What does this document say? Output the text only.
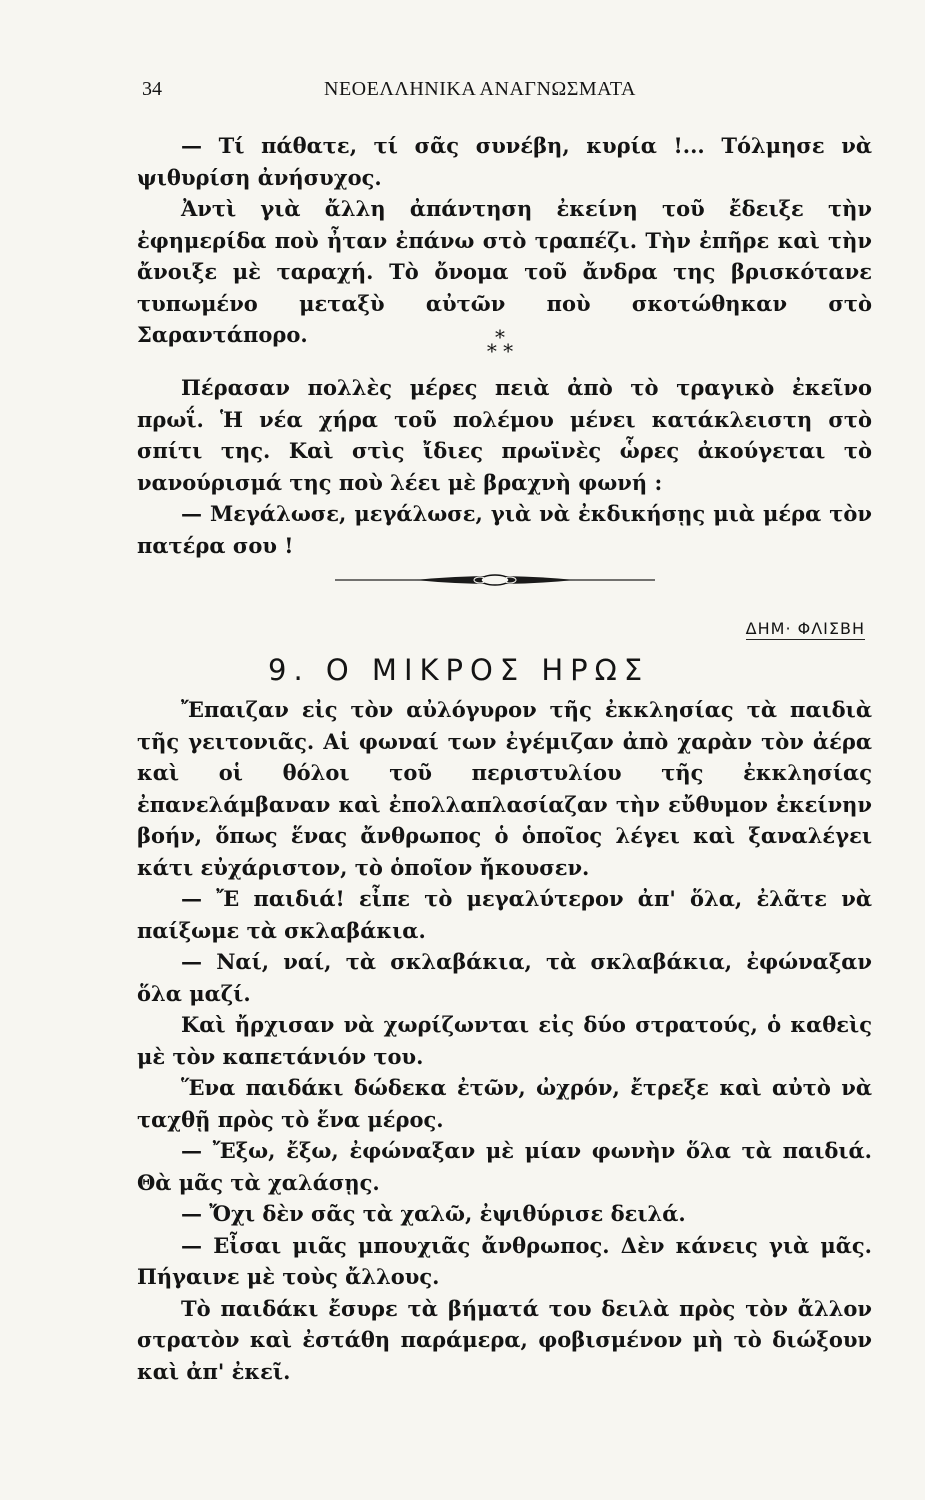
34	ΝΕΟΕΛΛΗΝΙΚΑ ΑΝΑΓΝΩΣΜΑΤΑ

— Τί πάθατε, τί σᾶς συνέβη, κυρία !... Τόλμησε νὰ ψιθυρίση ἀνήσυχος.

Ἀντὶ γιὰ ἄλλη ἀπάντηση ἐκείνη τοῦ ἔδειξε τὴν ἐφημερίδα ποὺ ἦταν ἐπάνω στὸ τραπέζι. Τὴν ἐπῆρε καὶ τὴν ἄνοιξε μὲ ταραχή. Τὸ ὄνομα τοῦ ἄνδρα της βρισκότανε τυπωμένο μεταξὺ αὐτῶν ποὺ σκοτώθηκαν στὸ Σαραντάπορο.	*
* *

Πέρασαν πολλὲς μέρες πειὰ ἀπὸ τὸ τραγικὸ ἐκεῖνο πρωΐ. Ἡ νέα χήρα τοῦ πολέμου μένει κατάκλειστη στὸ σπίτι της. Καὶ στὶς ἴδιες πρωϊνὲς ὧρες ἀκούγεται τὸ νανούρισμά της ποὺ λέει μὲ βραχνὴ φωνή :

— Μεγάλωσε, μεγάλωσε, γιὰ νὰ ἐκδικήσῃς μιὰ μέρα τὸν πατέρα σου !

ΔΗΜ· ΦΛΙΣΒΗ
9. Ο ΜΙΚΡΟΣ ΗΡΩΣ

Ἔπαιζαν εἰς τὸν αὐλόγυρον τῆς ἐκκλησίας τὰ παιδιὰ τῆς γειτονιᾶς. Αἱ φωναί των ἐγέμιζαν ἀπὸ χαρὰν τὸν ἀέρα καὶ οἱ θόλοι τοῦ περιστυλίου τῆς ἐκκλησίας ἐπανελάμβαναν καὶ ἐπολλαπλασίαζαν τὴν εὔθυμον ἐκείνην βοήν, ὅπως ἕνας ἄνθρωπος ὁ ὁποῖος λέγει καὶ ξαναλέγει κάτι εὐχάριστον, τὸ ὁποῖον ἤκουσεν.

— Ἔ παιδιά! εἶπε τὸ μεγαλύτερον ἀπ' ὅλα, ἐλᾶτε νὰ παίξωμε τὰ σκλαβάκια.

— Ναί, ναί, τὰ σκλαβάκια, τὰ σκλαβάκια, ἐφώναξαν ὅλα μαζί.

Καὶ ἤρχισαν νὰ χωρίζωνται εἰς δύο στρατούς, ὁ καθεὶς μὲ τὸν καπετάνιόν του.

Ἕνα παιδάκι δώδεκα ἐτῶν, ὠχρόν, ἔτρεξε καὶ αὐτὸ νὰ ταχθῇ πρὸς τὸ ἕνα μέρος.

— Ἔξω, ἔξω, ἐφώναξαν μὲ μίαν φωνὴν ὅλα τὰ παιδιά. Θὰ μᾶς τὰ χαλάσῃς.

— Ὄχι δὲν σᾶς τὰ χαλῶ, ἐψιθύρισε δειλά.

— Εἶσαι μιᾶς μπουχιᾶς ἄνθρωπος. Δὲν κάνεις γιὰ μᾶς. Πήγαινε μὲ τοὺς ἄλλους.

Τὸ παιδάκι ἔσυρε τὰ βήματά του δειλὰ πρὸς τὸν ἄλλον στρατὸν καὶ ἐστάθη παράμερα, φοβισμένον μὴ τὸ διώξουν καὶ ἀπ' ἐκεῖ.
